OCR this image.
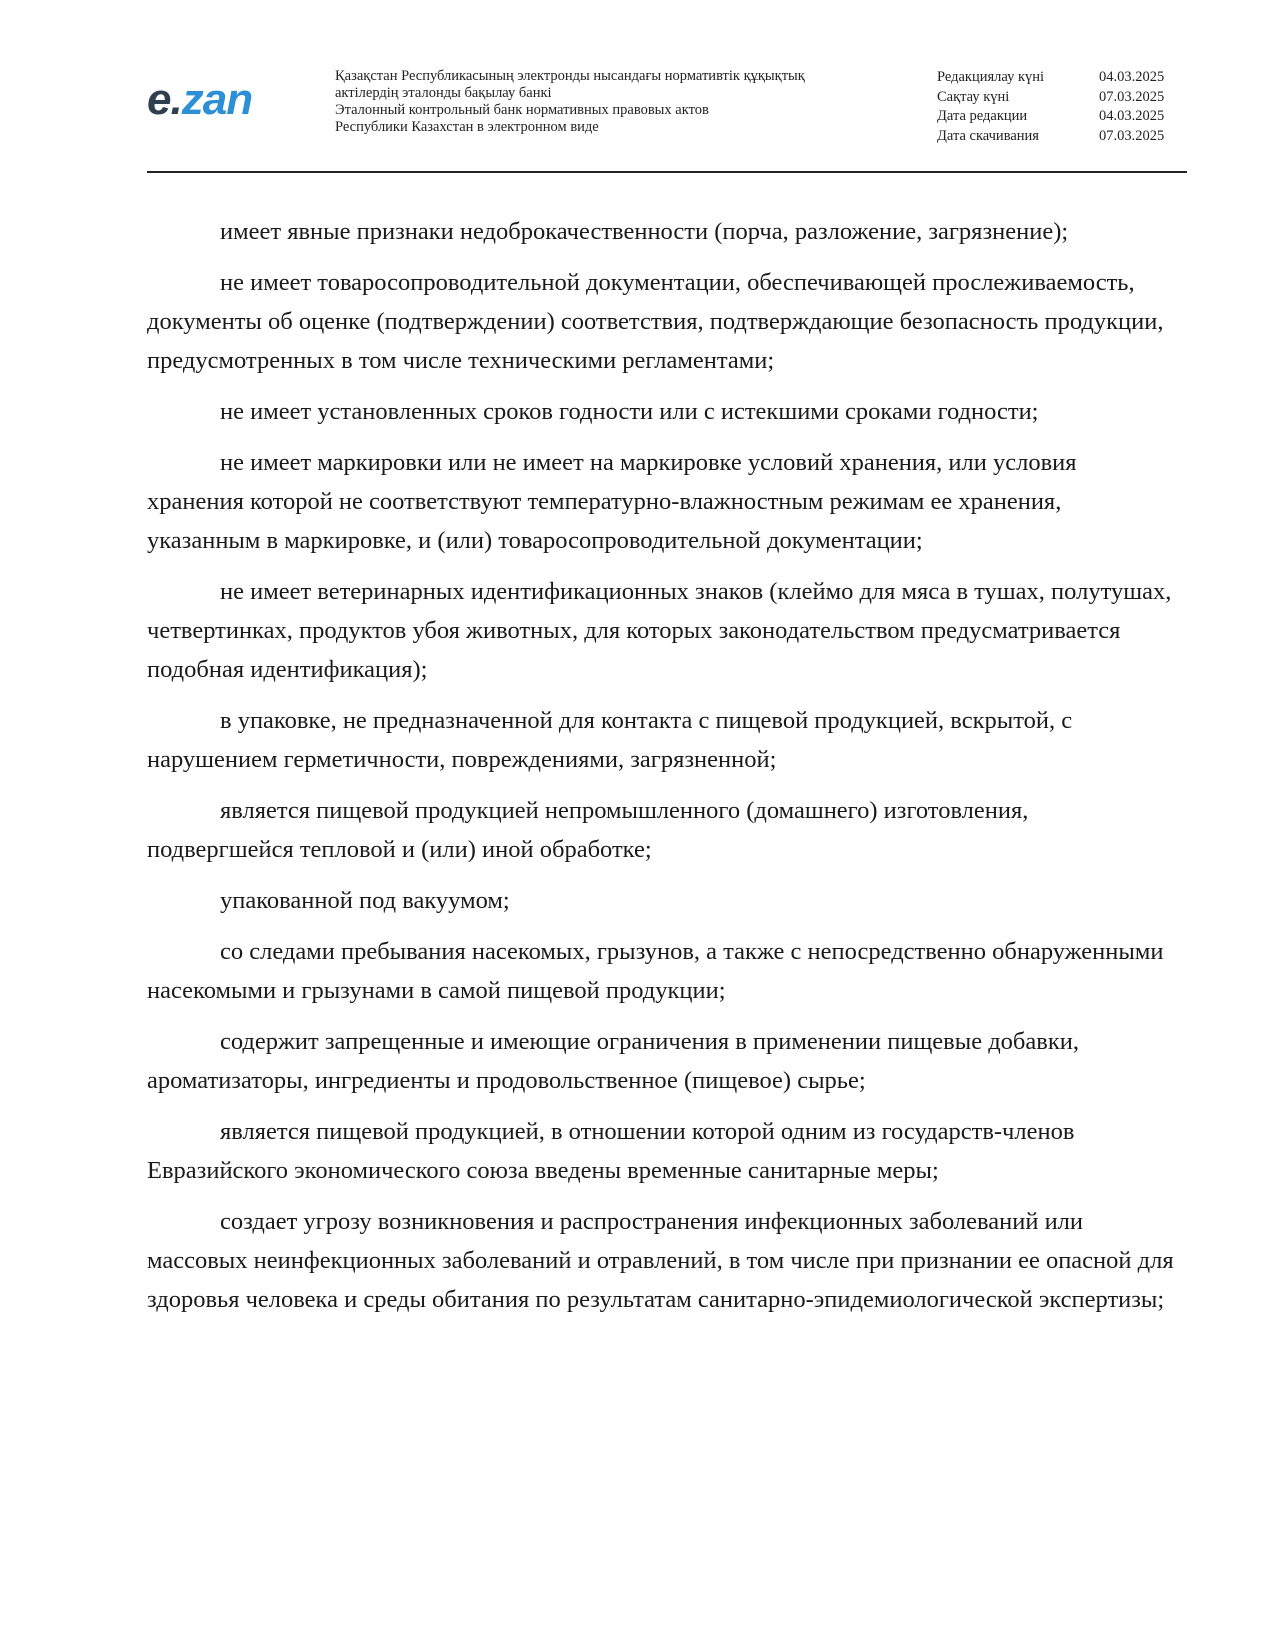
e.zan	Қазақстан Республикасының электронды нысандағы нормативтік құқықтық
актілердің эталонды бақылау банкі
Эталонный контрольный банк нормативных правовых актов
Республики Казахстан в электронном виде
Редакциялау күні	04.03.2025
Сақтау күні	07.03.2025
Дата редакции	04.03.2025
Дата скачивания	07.03.2025

имеет явные признаки недоброкачественности (порча, разложение, загрязнение);

не имеет товаросопроводительной документации, обеспечивающей прослеживаемость, документы об оценке (подтверждении) соответствия, подтверждающие безопасность продукции, предусмотренных в том числе техническими регламентами;

не имеет установленных сроков годности или с истекшими сроками годности;

не имеет маркировки или не имеет на маркировке условий хранения, или условия хранения которой не соответствуют температурно-влажностным режимам ее хранения, указанным в маркировке, и (или) товаросопроводительной документации;

не имеет ветеринарных идентификационных знаков (клеймо для мяса в тушах, полутушах, четвертинках, продуктов убоя животных, для которых законодательством предусматривается подобная идентификация);

в упаковке, не предназначенной для контакта с пищевой продукцией, вскрытой, с нарушением герметичности, повреждениями, загрязненной;

является пищевой продукцией непромышленного (домашнего) изготовления, подвергшейся тепловой и (или) иной обработке;

упакованной под вакуумом;

со следами пребывания насекомых, грызунов, а также с непосредственно обнаруженными насекомыми и грызунами в самой пищевой продукции;

содержит запрещенные и имеющие ограничения в применении пищевые добавки, ароматизаторы, ингредиенты и продовольственное (пищевое) сырье;

является пищевой продукцией, в отношении которой одним из государств-членов Евразийского экономического союза введены временные санитарные меры;

создает угрозу возникновения и распространения инфекционных заболеваний или массовых неинфекционных заболеваний и отравлений, в том числе при признании ее опасной для здоровья человека и среды обитания по результатам санитарно-эпидемиологической экспертизы;
